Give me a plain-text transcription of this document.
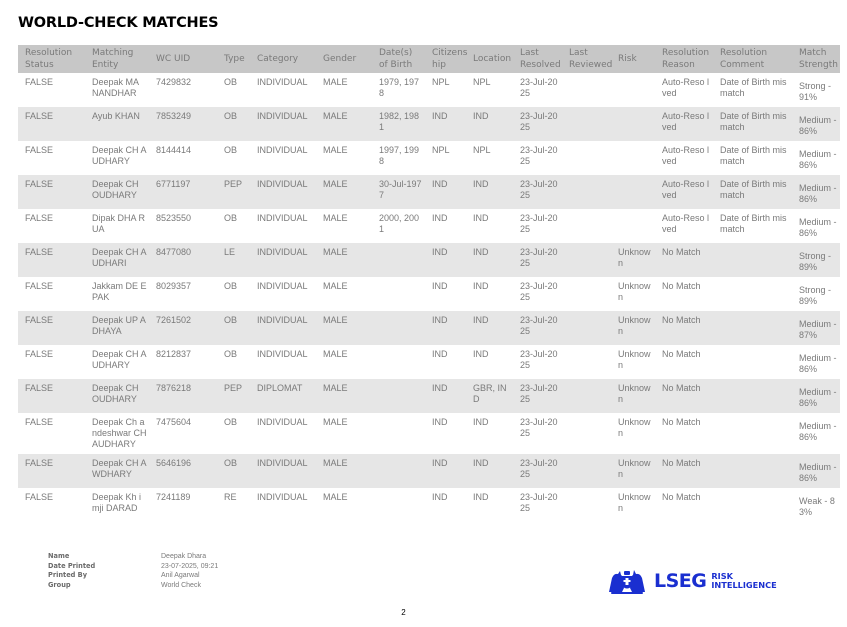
WORLD-CHECK MATCHES
Resolution Status	Matching Entity	WC UID	Type	Category	Gender	Date(s) of Birth	Citizens hip	Location	Last Resolved	Last Reviewed	Risk	Resolution Reason	Resolution Comment	Match Strength
FALSE	Deepak MA NANDHAR	7429832	OB	INDIVIDUAL	MALE	1979, 1978	NPL	NPL	23-Jul-2025			Auto-Reso lved	Date of Birth mismatch	Strong - 91%
FALSE	Ayub KHAN	7853249	OB	INDIVIDUAL	MALE	1982, 1981	IND	IND	23-Jul-2025			Auto-Reso lved	Date of Birth mismatch	Medium - 86%
FALSE	Deepak CH AUDHARY	8144414	OB	INDIVIDUAL	MALE	1997, 1998	NPL	NPL	23-Jul-2025			Auto-Reso lved	Date of Birth mismatch	Medium - 86%
FALSE	Deepak CH OUDHARY	6771197	PEP	INDIVIDUAL	MALE	30-Jul-1977	IND	IND	23-Jul-2025			Auto-Reso lved	Date of Birth mismatch	Medium - 86%
FALSE	Dipak DHA RUA	8523550	OB	INDIVIDUAL	MALE	2000, 2001	IND	IND	23-Jul-2025			Auto-Reso lved	Date of Birth mismatch	Medium - 86%
FALSE	Deepak CH AUDHARI	8477080	LE	INDIVIDUAL	MALE		IND	IND	23-Jul-2025		Unknown	No Match		Strong - 89%
FALSE	Jakkam DE EPAK	8029357	OB	INDIVIDUAL	MALE		IND	IND	23-Jul-2025		Unknown	No Match		Strong - 89%
FALSE	Deepak UP ADHAYA	7261502	OB	INDIVIDUAL	MALE		IND	IND	23-Jul-2025		Unknown	No Match		Medium - 87%
FALSE	Deepak CH AUDHARY	8212837	OB	INDIVIDUAL	MALE		IND	IND	23-Jul-2025		Unknown	No Match		Medium - 86%
FALSE	Deepak CH OUDHARY	7876218	PEP	DIPLOMAT	MALE		IND	GBR, IND	23-Jul-2025		Unknown	No Match		Medium - 86%
FALSE	Deepak Ch andeshwar CHAUDHARY	7475604	OB	INDIVIDUAL	MALE		IND	IND	23-Jul-2025		Unknown	No Match		Medium - 86%
FALSE	Deepak CH AWDHARY	5646196	OB	INDIVIDUAL	MALE		IND	IND	23-Jul-2025		Unknown	No Match		Medium - 86%
FALSE	Deepak Kh imji DARAD	7241189	RE	INDIVIDUAL	MALE		IND	IND	23-Jul-2025		Unknown	No Match		Weak - 83%
Name	Deepak Dhara
Date Printed	23-07-2025, 09:21
Printed By	Anil Agarwal
Group	World Check	LSEG RISK
INTELLIGENCE
2
